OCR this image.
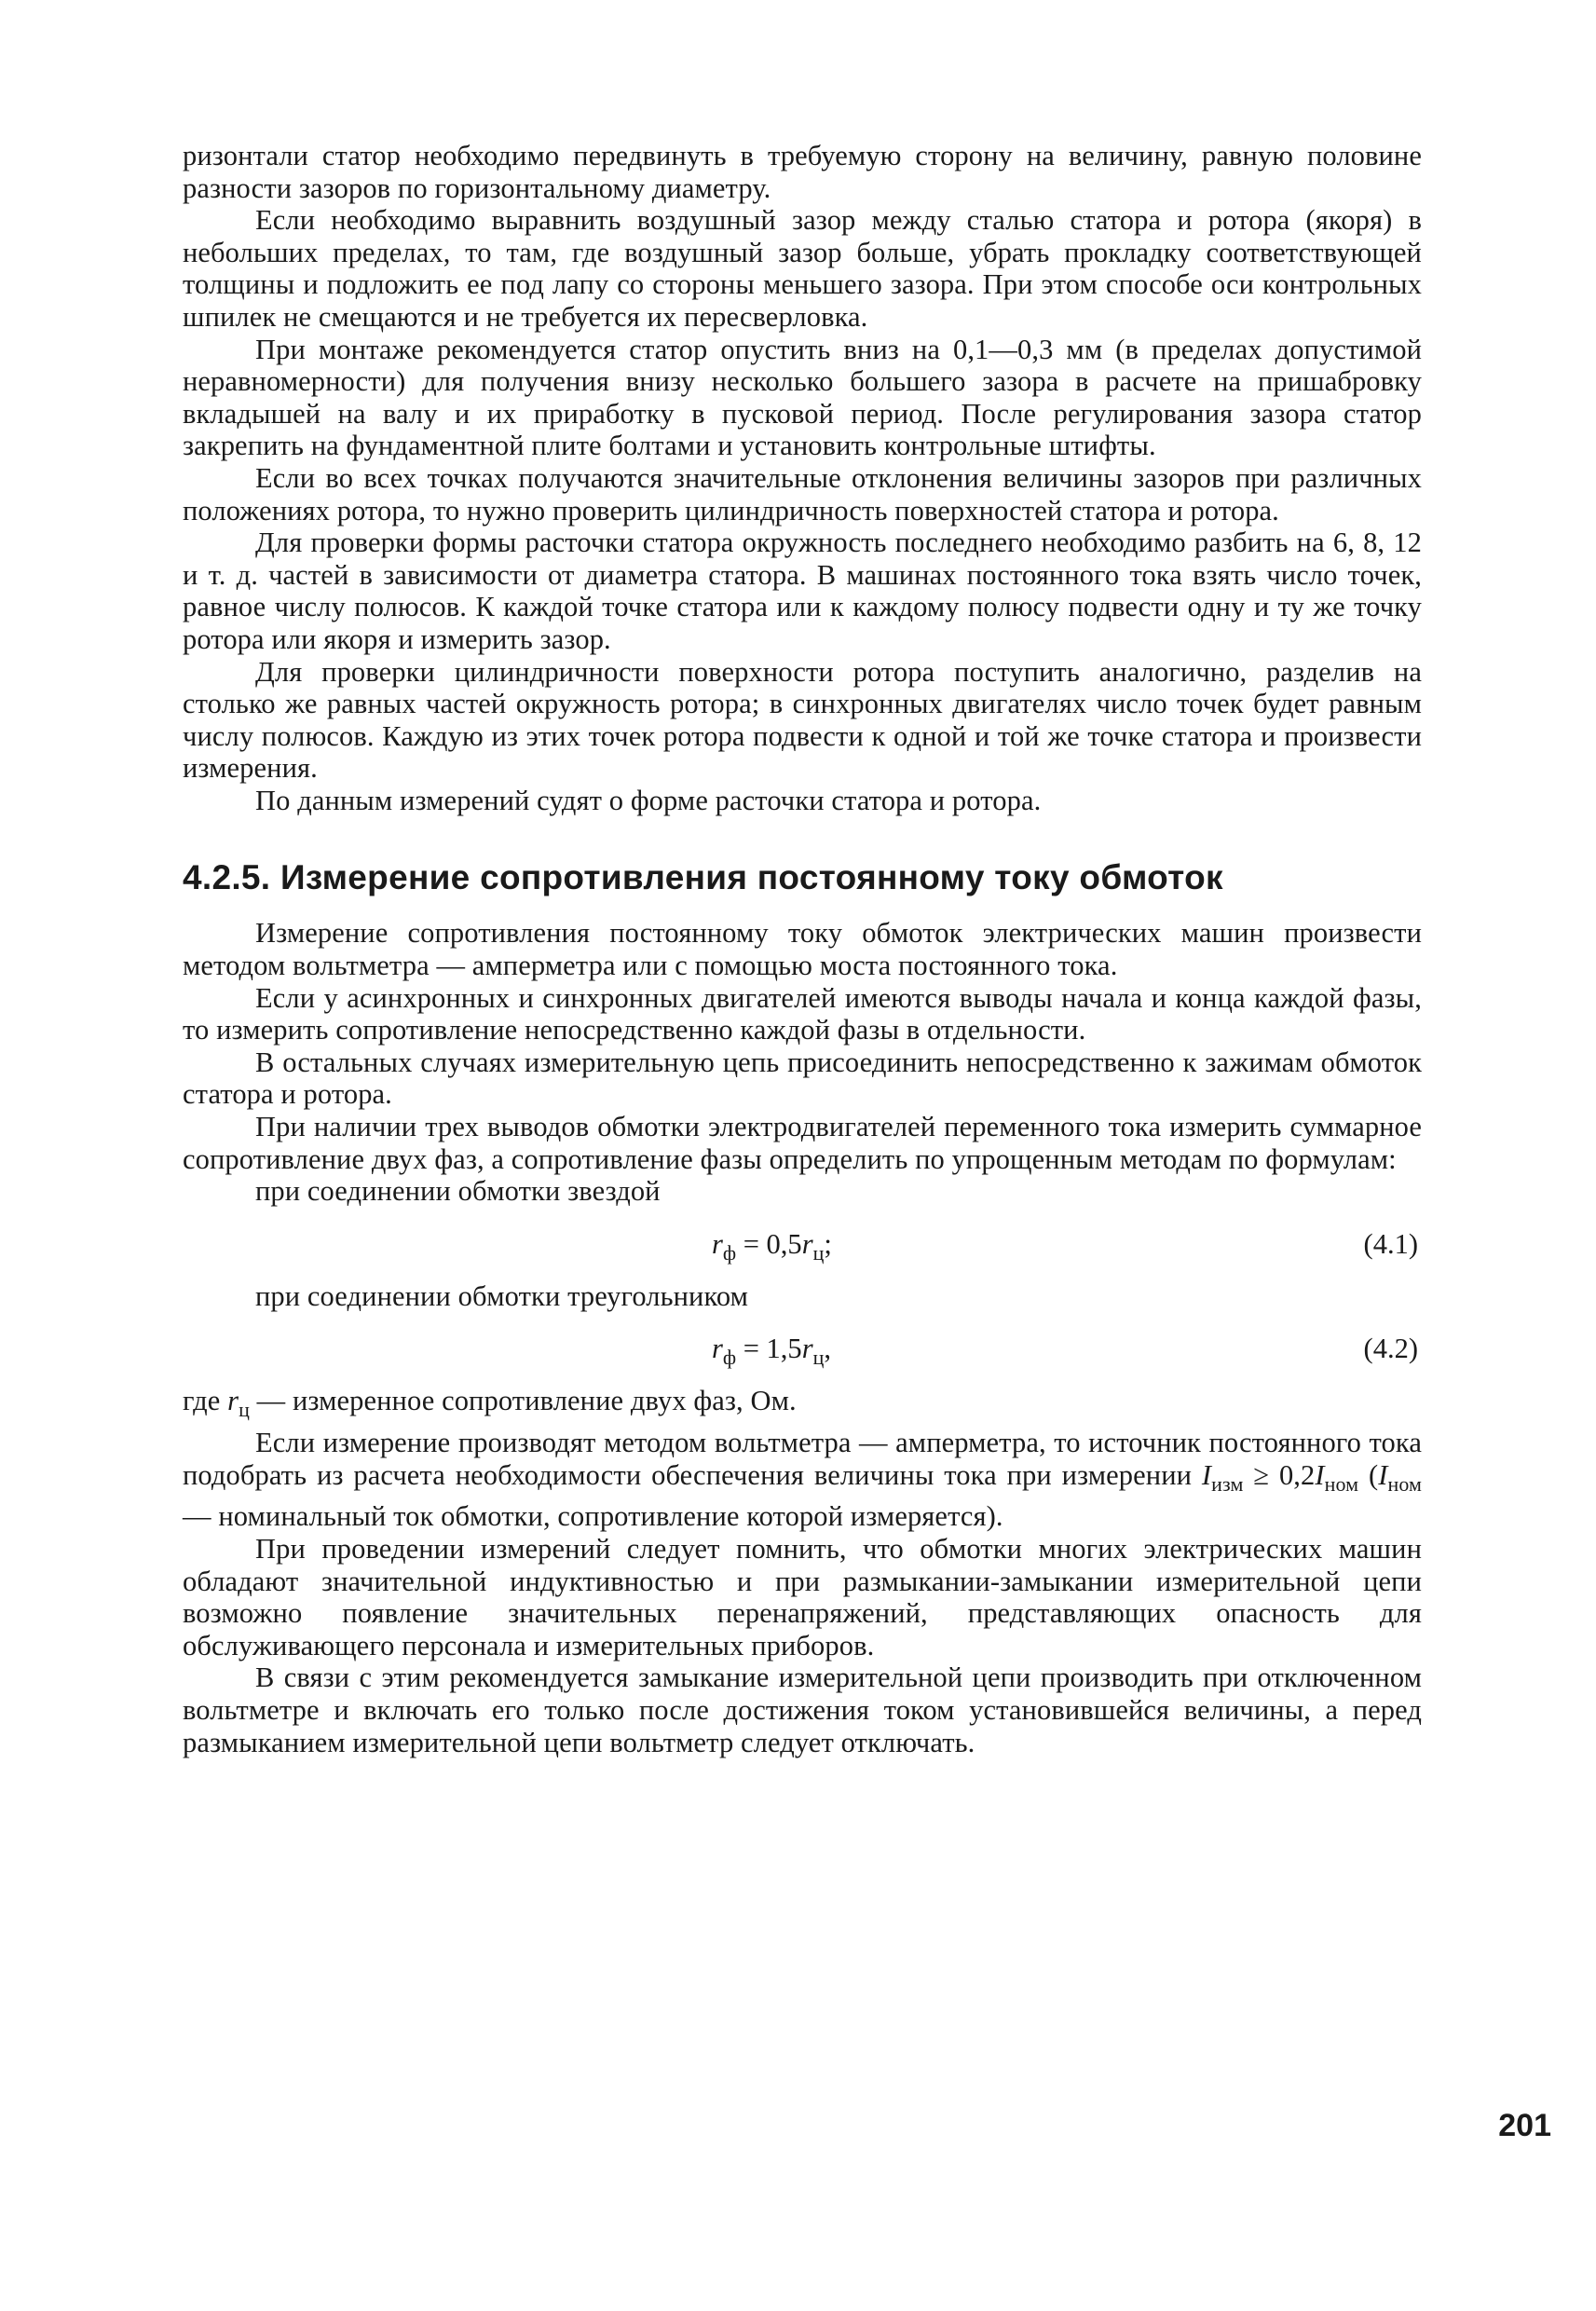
ризонтали статор необходимо передвинуть в требуемую сторону на величину, равную половине разности зазоров по горизонтальному диаметру.

Если необходимо выравнить воздушный зазор между сталью статора и ротора (якоря) в небольших пределах, то там, где воздушный зазор больше, убрать прокладку соответствующей толщины и подложить ее под лапу со стороны меньшего зазора. При этом способе оси контрольных шпилек не смещаются и не требуется их пересверловка.

При монтаже рекомендуется статор опустить вниз на 0,1—0,3 мм (в пределах допустимой неравномерности) для получения внизу несколько большего зазора в расчете на пришабровку вкладышей на валу и их приработку в пусковой период. После регулирования зазора статор закрепить на фундаментной плите болтами и установить контрольные штифты.

Если во всех точках получаются значительные отклонения величины зазоров при различных положениях ротора, то нужно проверить цилиндричность поверхностей статора и ротора.

Для проверки формы расточки статора окружность последнего необходимо разбить на 6, 8, 12 и т. д. частей в зависимости от диаметра статора. В машинах постоянного тока взять число точек, равное числу полюсов. К каждой точке статора или к каждому полюсу подвести одну и ту же точку ротора или якоря и измерить зазор.

Для проверки цилиндричности поверхности ротора поступить аналогично, разделив на столько же равных частей окружность ротора; в синхронных двигателях число точек будет равным числу полюсов. Каждую из этих точек ротора подвести к одной и той же точке статора и произвести измерения.

По данным измерений судят о форме расточки статора и ротора.

4.2.5. Измерение сопротивления постоянному току обмоток

Измерение сопротивления постоянному току обмоток электрических машин произвести методом вольтметра — амперметра или с помощью моста постоянного тока.

Если у асинхронных и синхронных двигателей имеются выводы начала и конца каждой фазы, то измерить сопротивление непосредственно каждой фазы в отдельности.

В остальных случаях измерительную цепь присоединить непосредственно к зажимам обмоток статора и ротора.

При наличии трех выводов обмотки электродвигателей переменного тока измерить суммарное сопротивление двух фаз, а сопротивление фазы определить по упрощенным методам по формулам:

при соединении обмотки звездой

$r_ф = 0,5r_ц$;	(4.1)

при соединении обмотки треугольником

$r_ф = 1,5r_ц$,	(4.2)

где $r_ц$ — измеренное сопротивление двух фаз, Ом.

Если измерение производят методом вольтметра — амперметра, то источник постоянного тока подобрать из расчета необходимости обеспечения величины тока при измерении $I_{изм} \ge 0,2I_{ном}$ ($I_{ном}$ — номинальный ток обмотки, сопротивление которой измеряется).

При проведении измерений следует помнить, что обмотки многих электрических машин обладают значительной индуктивностью и при размыкании-замыкании измерительной цепи возможно появление значительных перенапряжений, представляющих опасность для обслуживающего персонала и измерительных приборов.

В связи с этим рекомендуется замыкание измерительной цепи производить при отключенном вольтметре и включать его только после достижения током установившейся величины, а перед размыканием измерительной цепи вольтметр следует отключать.

201
